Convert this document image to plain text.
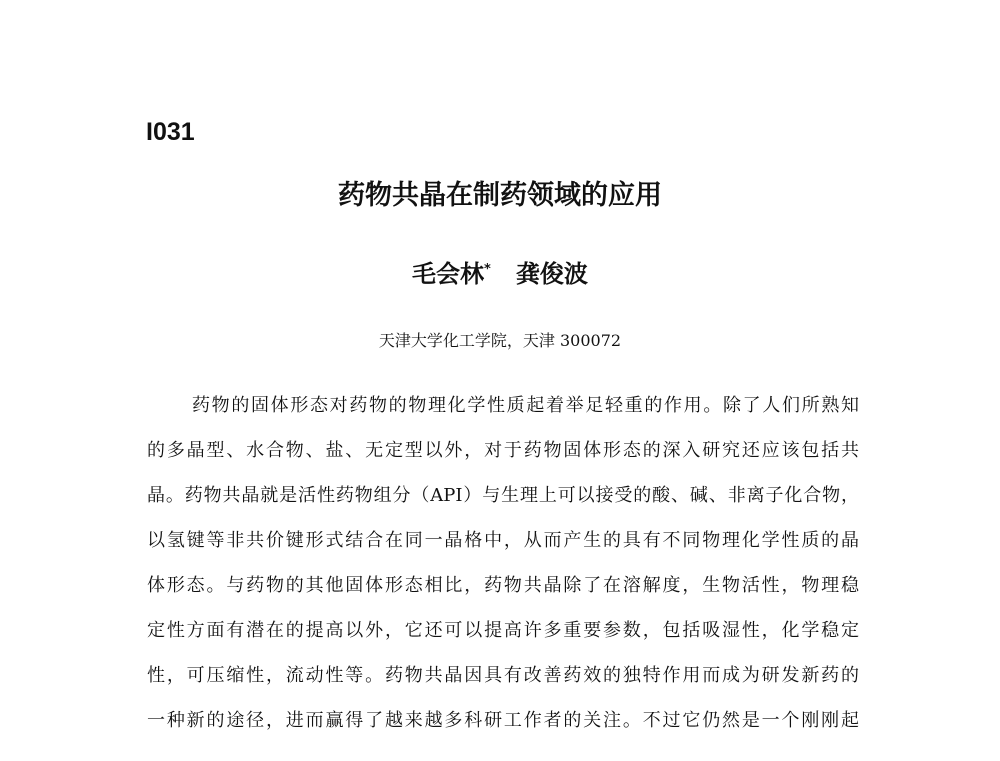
I031
药物共晶在制药领域的应用
毛会林* 龚俊波
天津大学化工学院，天津 300072
药物的固体形态对药物的物理化学性质起着举足轻重的作用。除了人们所熟知
的多晶型、水合物、盐、无定型以外，对于药物固体形态的深入研究还应该包括共
晶。药物共晶就是活性药物组分（API）与生理上可以接受的酸、碱、非离子化合物，
以氢键等非共价键形式结合在同一晶格中，从而产生的具有不同物理化学性质的晶
体形态。与药物的其他固体形态相比，药物共晶除了在溶解度，生物活性，物理稳
定性方面有潜在的提高以外，它还可以提高许多重要参数，包括吸湿性，化学稳定
性，可压缩性，流动性等。药物共晶因具有改善药效的独特作用而成为研发新药的
一种新的途径，进而赢得了越来越多科研工作者的关注。不过它仍然是一个刚刚起
